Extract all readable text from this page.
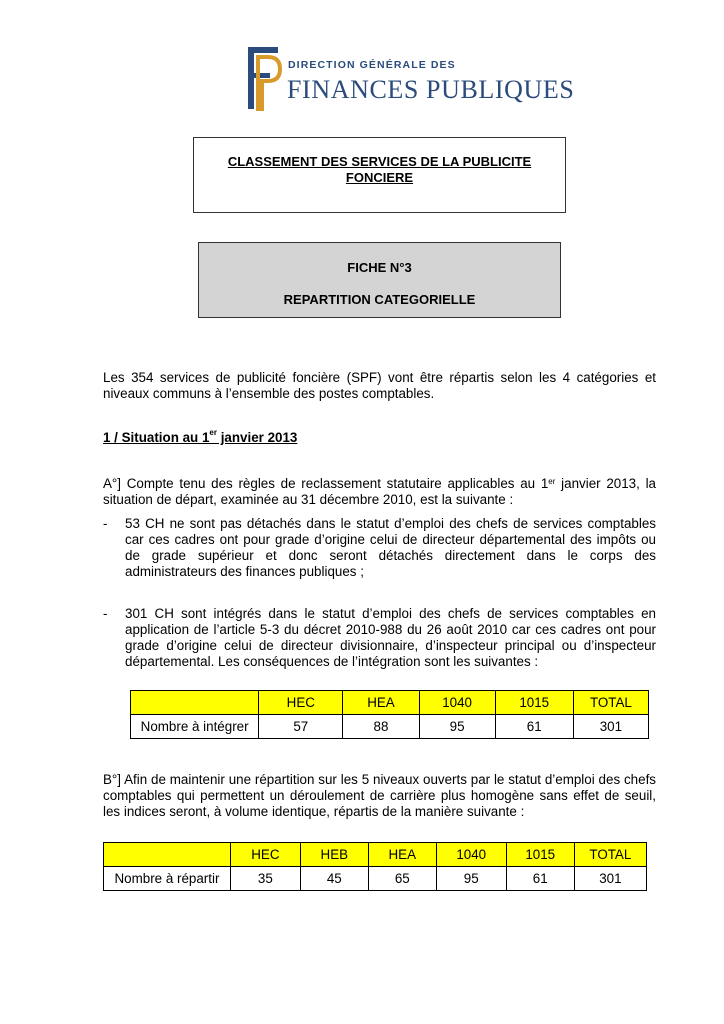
DIRECTION GÉNÉRALE DES
FINANCES PUBLIQUES
CLASSEMENT DES SERVICES DE LA PUBLICITE
FONCIERE
FICHE N°3
REPARTITION CATEGORIELLE
Les 354 services de publicité foncière (SPF) vont être répartis selon les 4 catégories et niveaux communs à l’ensemble des postes comptables.
1 / Situation au 1er janvier 2013
A°] Compte tenu des règles de reclassement statutaire applicables au 1er janvier 2013, la situation de départ, examinée au 31 décembre 2010, est la suivante :
- 53 CH ne sont pas détachés dans le statut d’emploi des chefs de services comptables car ces cadres ont pour grade d’origine celui de directeur départemental des impôts ou de grade supérieur et donc seront détachés directement dans le corps des administrateurs des finances publiques ;
- 301 CH sont intégrés dans le statut d’emploi des chefs de services comptables en application de l’article 5-3 du décret 2010-988 du 26 août 2010 car ces cadres ont pour grade d’origine celui de directeur divisionnaire, d’inspecteur principal ou d’inspecteur départemental. Les conséquences de l’intégration sont les suivantes :
	HEC	HEA	1040	1015	TOTAL
Nombre à intégrer	57	88	95	61	301
B°] Afin de maintenir une répartition sur les 5 niveaux ouverts par le statut d’emploi des chefs comptables qui permettent un déroulement de carrière plus homogène sans effet de seuil, les indices seront, à volume identique, répartis de la manière suivante :
	HEC	HEB	HEA	1040	1015	TOTAL
Nombre à répartir	35	45	65	95	61	301
